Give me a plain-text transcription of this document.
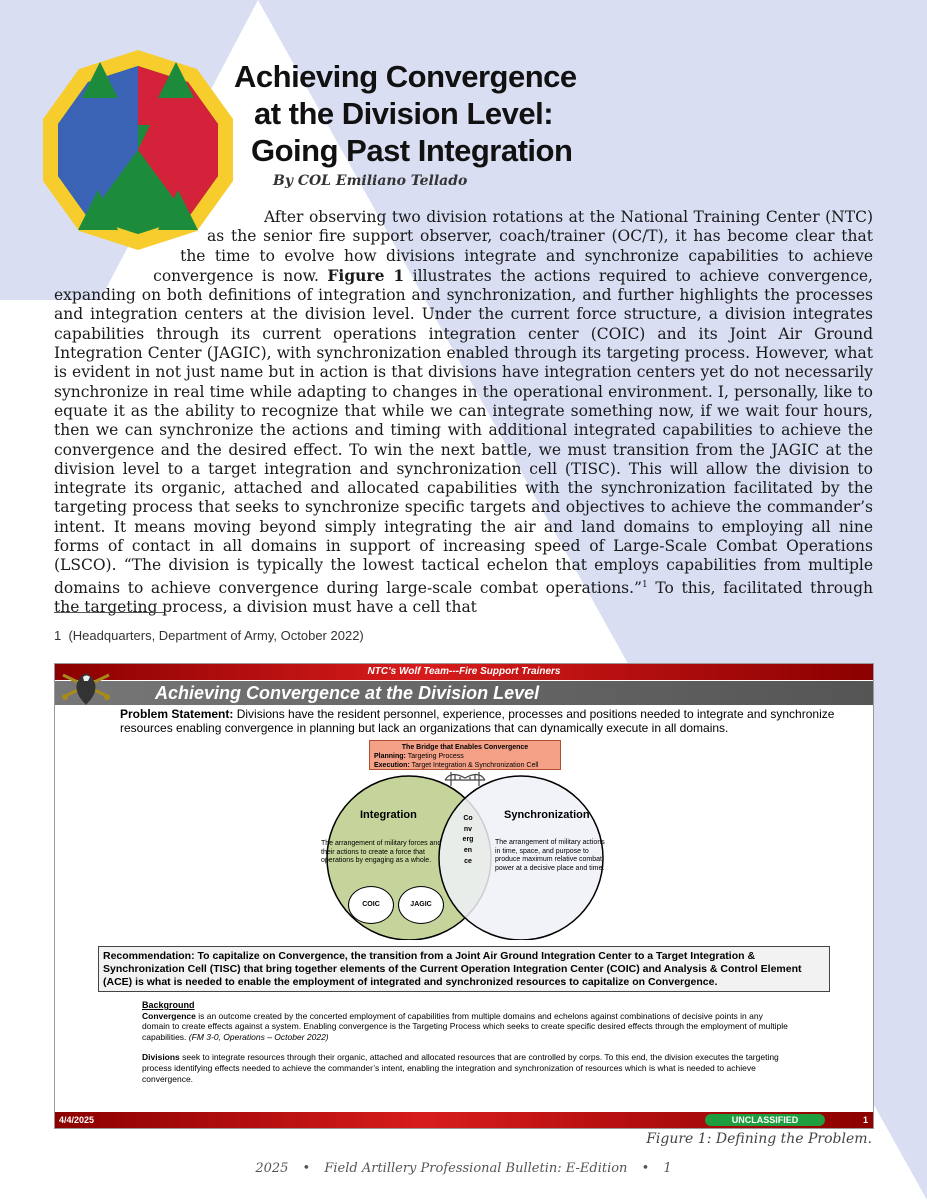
Achieving Convergence
at the Division Level:
Going Past Integration
By COL Emiliano Tellado

After observing two division rotations at the National Training Center (NTC) as the senior fire support observer, coach/trainer (OC/T), it has become clear that the time to evolve how divisions integrate and synchronize capabilities to achieve convergence is now. Figure 1 illustrates the actions required to achieve convergence, expanding on both definitions of integration and synchronization, and further highlights the processes and integration centers at the division level. Under the current force structure, a division integrates capabilities through its current operations integration center (COIC) and its Joint Air Ground Integration Center (JAGIC), with synchronization enabled through its targeting process. However, what is evident in not just name but in action is that divisions have integration centers yet do not necessarily synchronize in real time while adapting to changes in the operational environment. I, personally, like to equate it as the ability to recognize that while we can integrate something now, if we wait four hours, then we can synchronize the actions and timing with additional integrated capabilities to achieve the convergence and the desired effect. To win the next battle, we must transition from the JAGIC at the division level to a target integration and synchronization cell (TISC). This will allow the division to integrate its organic, attached and allocated capabilities with the synchronization facilitated by the targeting process that seeks to synchronize specific targets and objectives to achieve the commander’s intent. It means moving beyond simply integrating the air and land domains to employing all nine forms of contact in all domains in support of increasing speed of Large-Scale Combat Operations (LSCO). “The division is typically the lowest tactical echelon that employs capabilities from multiple domains to achieve convergence during large-scale combat operations.”$^1$ To this, facilitated through the targeting process, a division must have a cell that

1 (Headquarters, Department of Army, October 2022)
NTC’s Wolf Team---Fire Support Trainers
Achieving Convergence at the Division Level
Problem Statement: Divisions have the resident personnel, experience, processes and positions needed to integrate and synchronize resources enabling convergence in planning but lack an organizations that can dynamically execute in all domains.
The Bridge that Enables Convergence
Planning: Targeting Process
Execution: Target Integration & Synchronization Cell
Integration
The arrangement of military forces and their actions to create a force that operations by engaging as a whole.
Synchronization
The arrangement of military actions in time, space, and purpose to produce maximum relative combat power at a decisive place and time.
Convergence
COIC	JAGIC
Recommendation: To capitalize on Convergence, the transition from a Joint Air Ground Integration Center to a Target Integration & Synchronization Cell (TISC) that bring together elements of the Current Operation Integration Center (COIC) and Analysis & Control Element (ACE) is what is needed to enable the employment of integrated and synchronized resources to capitalize on Convergence.
Background

Convergence is an outcome created by the concerted employment of capabilities from multiple domains and echelons against combinations of decisive points in any domain to create effects against a system. Enabling convergence is the Targeting Process which seeks to create specific desired effects through the employment of multiple capabilities. (FM 3-0, Operations – October 2022)

Divisions seek to integrate resources through their organic, attached and allocated resources that are controlled by corps. To this end, the division executes the targeting process identifying effects needed to achieve the commander’s intent, enabling the integration and synchronization of resources which is what is needed to achieve convergence.

4/4/2025	UNCLASSIFIED	1
Figure 1: Defining the Problem.
2025 • Field Artillery Professional Bulletin: E-Edition • 1
